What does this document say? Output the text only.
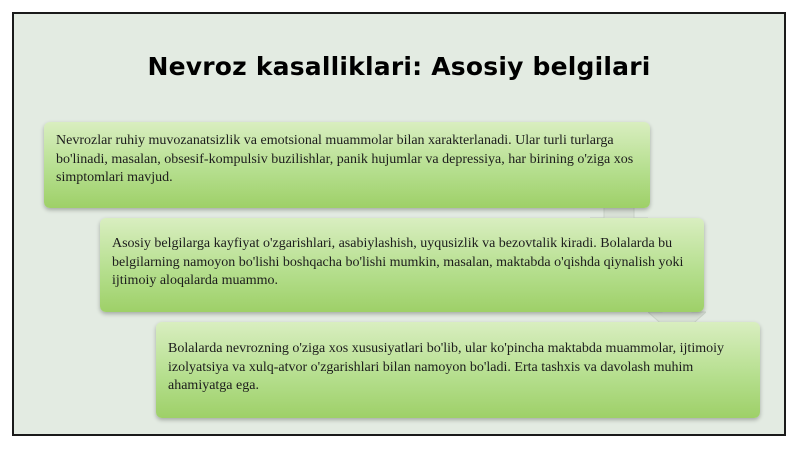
Nevroz kasalliklari: Asosiy belgilari
Nevrozlar ruhiy muvozanatsizlik va emotsional muammolar bilan xarakterlanadi. Ular turli turlarga bo'linadi, masalan, obsesif-kompulsiv buzilishlar, panik hujumlar va depressiya, har birining o'ziga xos simptomlari mavjud.
Asosiy belgilarga kayfiyat o'zgarishlari, asabiylashish, uyqusizlik va bezovtalik kiradi. Bolalarda bu belgilarning namoyon bo'lishi boshqacha bo'lishi mumkin, masalan, maktabda o'qishda qiynalish yoki ijtimoiy aloqalarda muammo.
Bolalarda nevrozning o'ziga xos xususiyatlari bo'lib, ular ko'pincha maktabda muammolar, ijtimoiy izolyatsiya va xulq-atvor o'zgarishlari bilan namoyon bo'ladi. Erta tashxis va davolash muhim ahamiyatga ega.
